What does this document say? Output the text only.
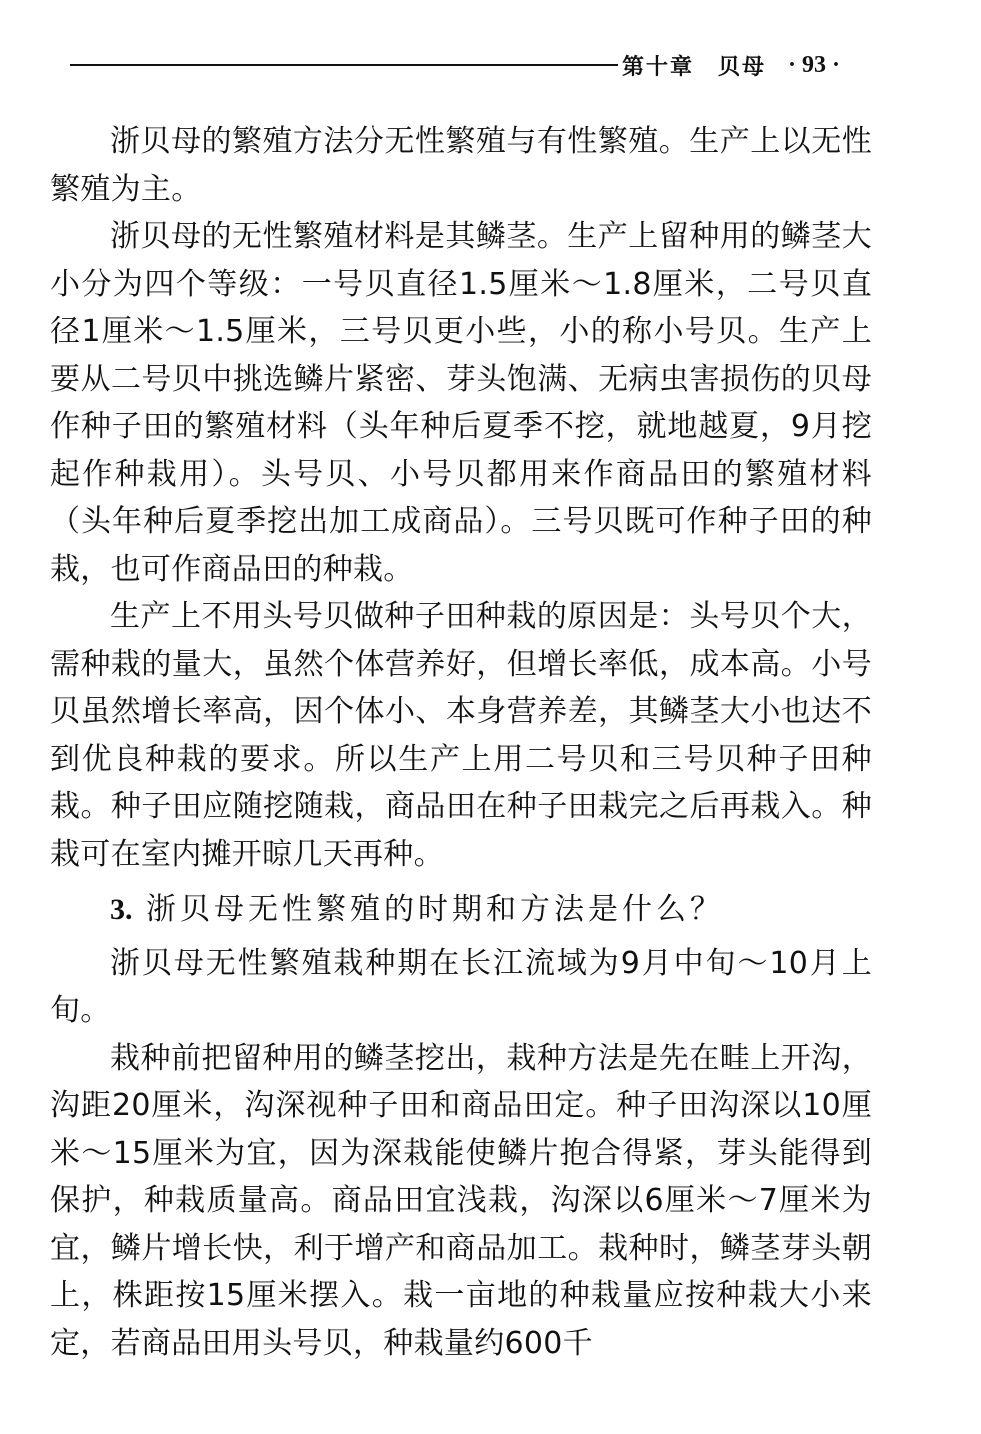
第十章　贝母 · 93 ·

浙贝母的繁殖方法分无性繁殖与有性繁殖。生产上以无性繁殖为主。

浙贝母的无性繁殖材料是其鳞茎。生产上留种用的鳞茎大小分为四个等级：一号贝直径1.5厘米～1.8厘米，二号贝直径1厘米～1.5厘米，三号贝更小些，小的称小号贝。生产上要从二号贝中挑选鳞片紧密、芽头饱满、无病虫害损伤的贝母作种子田的繁殖材料（头年种后夏季不挖，就地越夏，9月挖起作种栽用）。头号贝、小号贝都用来作商品田的繁殖材料（头年种后夏季挖出加工成商品）。三号贝既可作种子田的种栽，也可作商品田的种栽。

生产上不用头号贝做种子田种栽的原因是：头号贝个大，需种栽的量大，虽然个体营养好，但增长率低，成本高。小号贝虽然增长率高，因个体小、本身营养差，其鳞茎大小也达不到优良种栽的要求。所以生产上用二号贝和三号贝种子田种栽。种子田应随挖随栽，商品田在种子田栽完之后再栽入。种栽可在室内摊开晾几天再种。

3. 浙贝母无性繁殖的时期和方法是什么？

浙贝母无性繁殖栽种期在长江流域为9月中旬～10月上旬。

栽种前把留种用的鳞茎挖出，栽种方法是先在畦上开沟，沟距20厘米，沟深视种子田和商品田定。种子田沟深以10厘米～15厘米为宜，因为深栽能使鳞片抱合得紧，芽头能得到保护，种栽质量高。商品田宜浅栽，沟深以6厘米～7厘米为宜，鳞片增长快，利于增产和商品加工。栽种时，鳞茎芽头朝上，株距按15厘米摆入。栽一亩地的种栽量应按种栽大小来定，若商品田用头号贝，种栽量约600千
